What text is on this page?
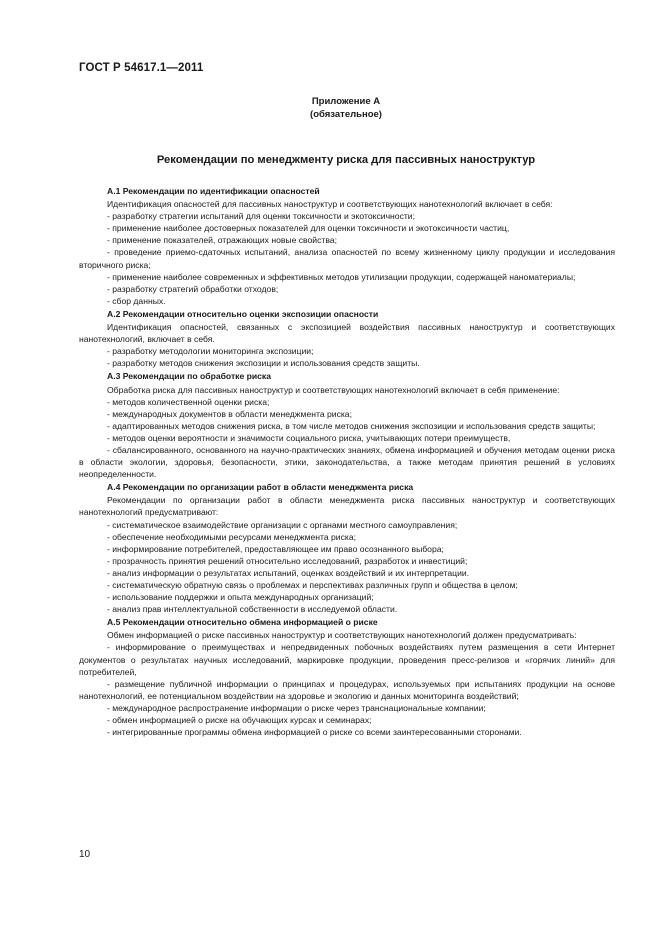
ГОСТ Р 54617.1—2011
Приложение А
(обязательное)
Рекомендации по менеджменту риска для пассивных наноструктур

А.1 Рекомендации по идентификации опасностей

Идентификация опасностей для пассивных наноструктур и соответствующих нанотехнологий включает в себя:

- разработку стратегии испытаний для оценки токсичности и экотоксичности;

- применение наиболее достоверных показателей для оценки токсичности и экотоксичности частиц,

- применение показателей, отражающих новые свойства;

- проведение приемо-сдаточных испытаний, анализа опасностей по всему жизненному циклу продукции и исследования вторичного риска;

- применение наиболее современных и эффективных методов утилизации продукции, содержащей наноматериалы;

- разработку стратегий обработки отходов;

- сбор данных.

А.2 Рекомендации относительно оценки экспозиции опасности

Идентификация опасностей, связанных с экспозицией воздействия пассивных наноструктур и соответствующих нанотехнологий, включает в себя.

- разработку методологии мониторинга экспозиции;

- разработку методов снижения экспозиции и использования средств защиты.

А.3 Рекомендации по обработке риска

Обработка риска для пассивных наноструктур и соответствующих нанотехнологий включает в себя применение:

- методов количественной оценки риска;

- международных документов в области менеджмента риска;

- адаптированных методов снижения риска, в том числе методов снижения экспозиции и использования средств защиты;

- методов оценки вероятности и значимости социального риска, учитывающих потери преимуществ,

- сбалансированного, основанного на научно-практических знаниях, обмена информацией и обучения методам оценки риска в области экологии, здоровья, безопасности, этики, законодательства, а также методам принятия решений в условиях неопределенности.

А.4 Рекомендации по организации работ в области менеджмента риска

Рекомендации по организации работ в области менеджмента риска пассивных наноструктур и соответствующих нанотехнологий предусматривают:

- систематическое взаимодействие организации с органами местного самоуправления;

- обеспечение необходимыми ресурсами менеджмента риска;

- информирование потребителей, предоставляющее им право осознанного выбора;

- прозрачность принятия решений относительно исследований, разработок и инвестиций;

- анализ информации о результатах испытаний, оценках воздействий и их интерпретации.

- систематическую обратную связь о проблемах и перспективах различных групп и общества в целом;

- использование поддержки и опыта международных организаций;

- анализ прав интеллектуальной собственности в исследуемой области.

А.5 Рекомендации относительно обмена информацией о риске

Обмен информацией о риске пассивных наноструктур и соответствующих нанотехнологий должен предусматривать:

- информирование о преимуществах и непредвиденных побочных воздействиях путем размещения в сети Интернет документов о результатах научных исследований, маркировке продукции, проведения пресс-релизов и «горячих линий» для потребителей,

- размещение публичной информации о принципах и процедурах, используемых при испытаниях продукции на основе нанотехнологий, ее потенциальном воздействии на здоровье и экологию и данных мониторинга воздействий;

- международное распространение информации о риске через транснациональные компании;

- обмен информацией о риске на обучающих курсах и семинарах;

- интегрированные программы обмена информацией о риске со всеми заинтересованными сторонами.

10
